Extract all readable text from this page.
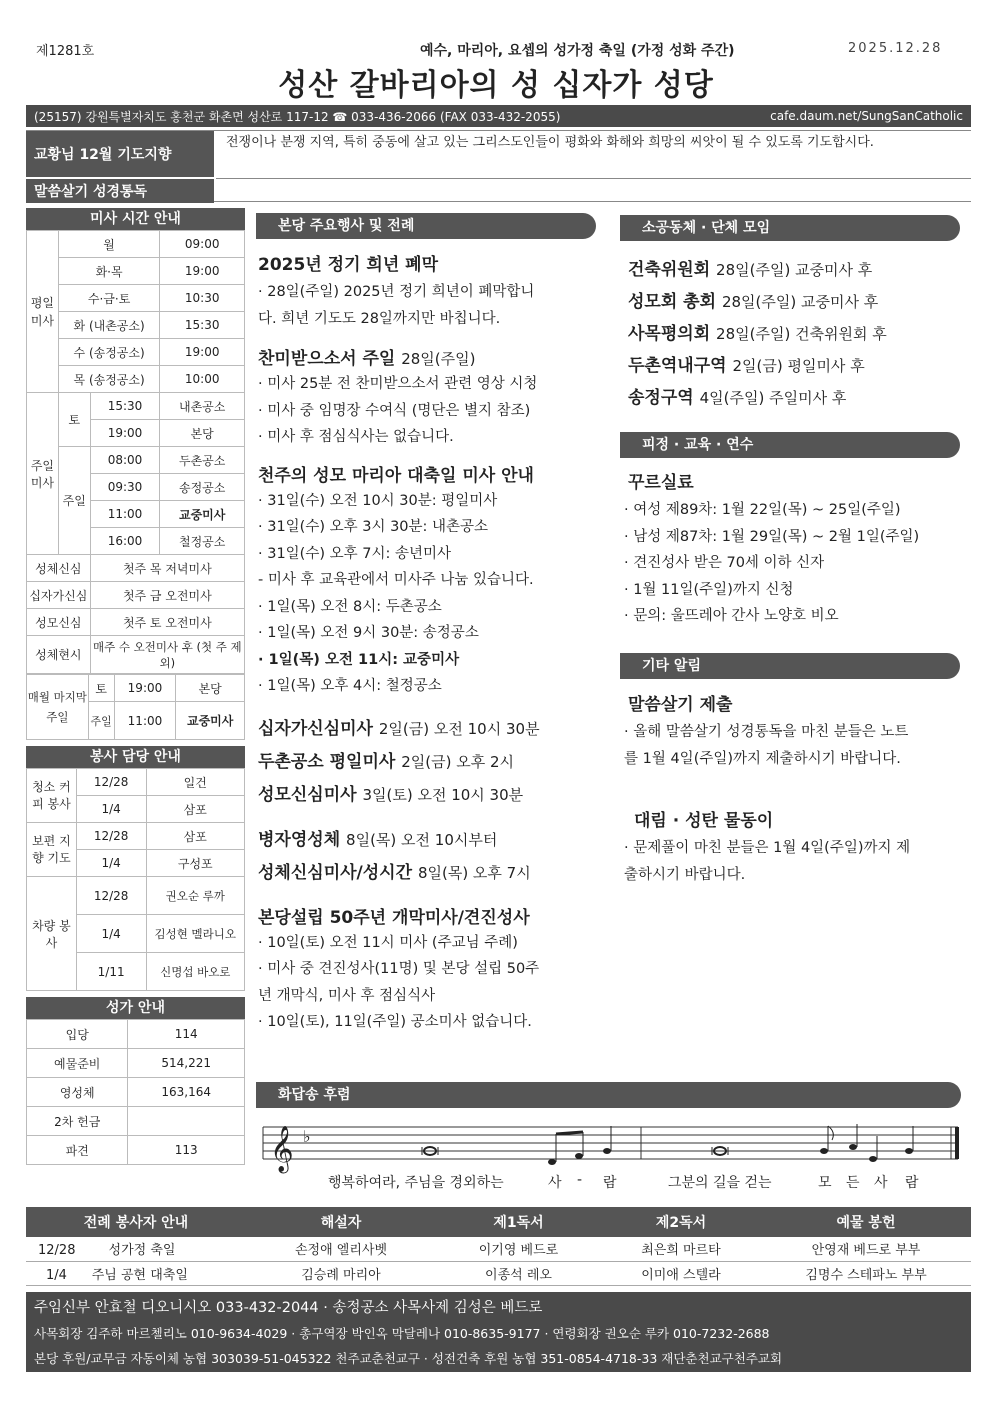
제1281호	예수, 마리아, 요셉의 성가정 축일 (가정 성화 주간)	2025.12.28
성산 갈바리아의 성 십자가 성당
(25157) 강원특별자치도 홍천군 화촌면 성산로 117-12 ☎ 033-436-2066 (FAX 033-432-2055)	cafe.daum.net/SungSanCatholic
교황님 12월 기도지향
전쟁이나 분쟁 지역, 특히 중동에 살고 있는 그리스도인들이 평화와 화해와 희망의 씨앗이 될 수 있도록 기도합시다.
말씀살기 성경통독
미사 시간 안내
평일미사	월		09:00
	화·목		19:00
	수·금·토		10:30
	화 (내촌공소)		15:30
	수 (송정공소)		19:00
	목 (송정공소)		10:00
주일미사	토	15:30	내촌공소
		19:00	본당
	주일	08:00	두촌공소
		09:30	송정공소
		11:00	교중미사
		16:00	철정공소
성체신심		첫주 목 저녁미사	
십자가신심		첫주 금 오전미사	
성모신심		첫주 토 오전미사	
성체현시		매주 수 오전미사 후 (첫 주 제외)	
매월 마지막 주일	토	19:00	본당
	주일	11:00	교중미사
봉사 담당 안내
청소 커피 봉사	12/28	일건
	1/4	삼포
보편 지향 기도	12/28	삼포
	1/4	구성포
차량 봉사	12/28	권오순 루까
	1/4	김성현 멜라니오
	1/11	신명섭 바오로
성가 안내
입당	114
예물준비	514,221
영성체	163,164
2차 헌금	
파견	113
본당 주요행사 및 전례
2025년 정기 희년 폐막
· 28일(주일) 2025년 정기 희년이 폐막합니
다. 희년 기도도 28일까지만 바칩니다.
찬미받으소서 주일 28일(주일)
· 미사 25분 전 찬미받으소서 관련 영상 시청
· 미사 중 임명장 수여식 (명단은 별지 참조)
· 미사 후 점심식사는 없습니다.
천주의 성모 마리아 대축일 미사 안내
· 31일(수) 오전 10시 30분: 평일미사
· 31일(수) 오후 3시 30분: 내촌공소
· 31일(수) 오후 7시: 송년미사
- 미사 후 교육관에서 미사주 나눔 있습니다.
· 1일(목) 오전 8시: 두촌공소
· 1일(목) 오전 9시 30분: 송정공소
· 1일(목) 오전 11시: 교중미사
· 1일(목) 오후 4시: 철정공소
십자가신심미사 2일(금) 오전 10시 30분
두촌공소 평일미사 2일(금) 오후 2시
성모신심미사 3일(토) 오전 10시 30분
병자영성체 8일(목) 오전 10시부터
성체신심미사/성시간 8일(목) 오후 7시
본당설립 50주년 개막미사/견진성사
· 10일(토) 오전 11시 미사 (주교님 주례)
· 미사 중 견진성사(11명) 및 본당 설립 50주
년 개막식, 미사 후 점심식사
· 10일(토), 11일(주일) 공소미사 없습니다.
소공동체 · 단체 모임
건축위원회 28일(주일) 교중미사 후
성모회 총회 28일(주일) 교중미사 후
사목평의회 28일(주일) 건축위원회 후
두촌역내구역 2일(금) 평일미사 후
송정구역 4일(주일) 주일미사 후
피정 · 교육 · 연수
꾸르실료
· 여성 제89차: 1월 22일(목) ~ 25일(주일)
· 남성 제87차: 1월 29일(목) ~ 2월 1일(주일)
· 견진성사 받은 70세 이하 신자
· 1월 11일(주일)까지 신청
· 문의: 울뜨레아 간사 노양호 비오
기타 알림
말씀살기 제출
· 올해 말씀살기 성경통독을 마친 분들은 노트
를 1월 4일(주일)까지 제출하시기 바랍니다.
대림 · 성탄 물동이
· 문제풀이 마친 분들은 1월 4일(주일)까지 제
출하시기 바랍니다.
화답송 후렴
𝄞 ♭
행복하여라, 주님을 경외하는	사 - 람	그분의 길을 걷는	모 든 사 람
전례 봉사자 안내	해설자	제1독서	제2독서	예물 봉헌
12/28 성가정 축일	손정애 엘리사벳	이기영 베드로	최은희 마르타	안영재 베드로 부부
1/4 주님 공현 대축일	김승례 마리아	이종석 레오	이미애 스텔라	김명수 스테파노 부부
주임신부 안효철 디오니시오 033-432-2044 · 송정공소 사목사제 김성은 베드로
사목회장 김주하 마르첼리노 010-9634-4029 · 총구역장 박인옥 막달레나 010-8635-9177 · 연령회장 권오순 루카 010-7232-2688
본당 후원/교무금 자동이체 농협 303039-51-045322 천주교춘천교구 · 성전건축 후원 농협 351-0854-4718-33 재단춘천교구천주교회
